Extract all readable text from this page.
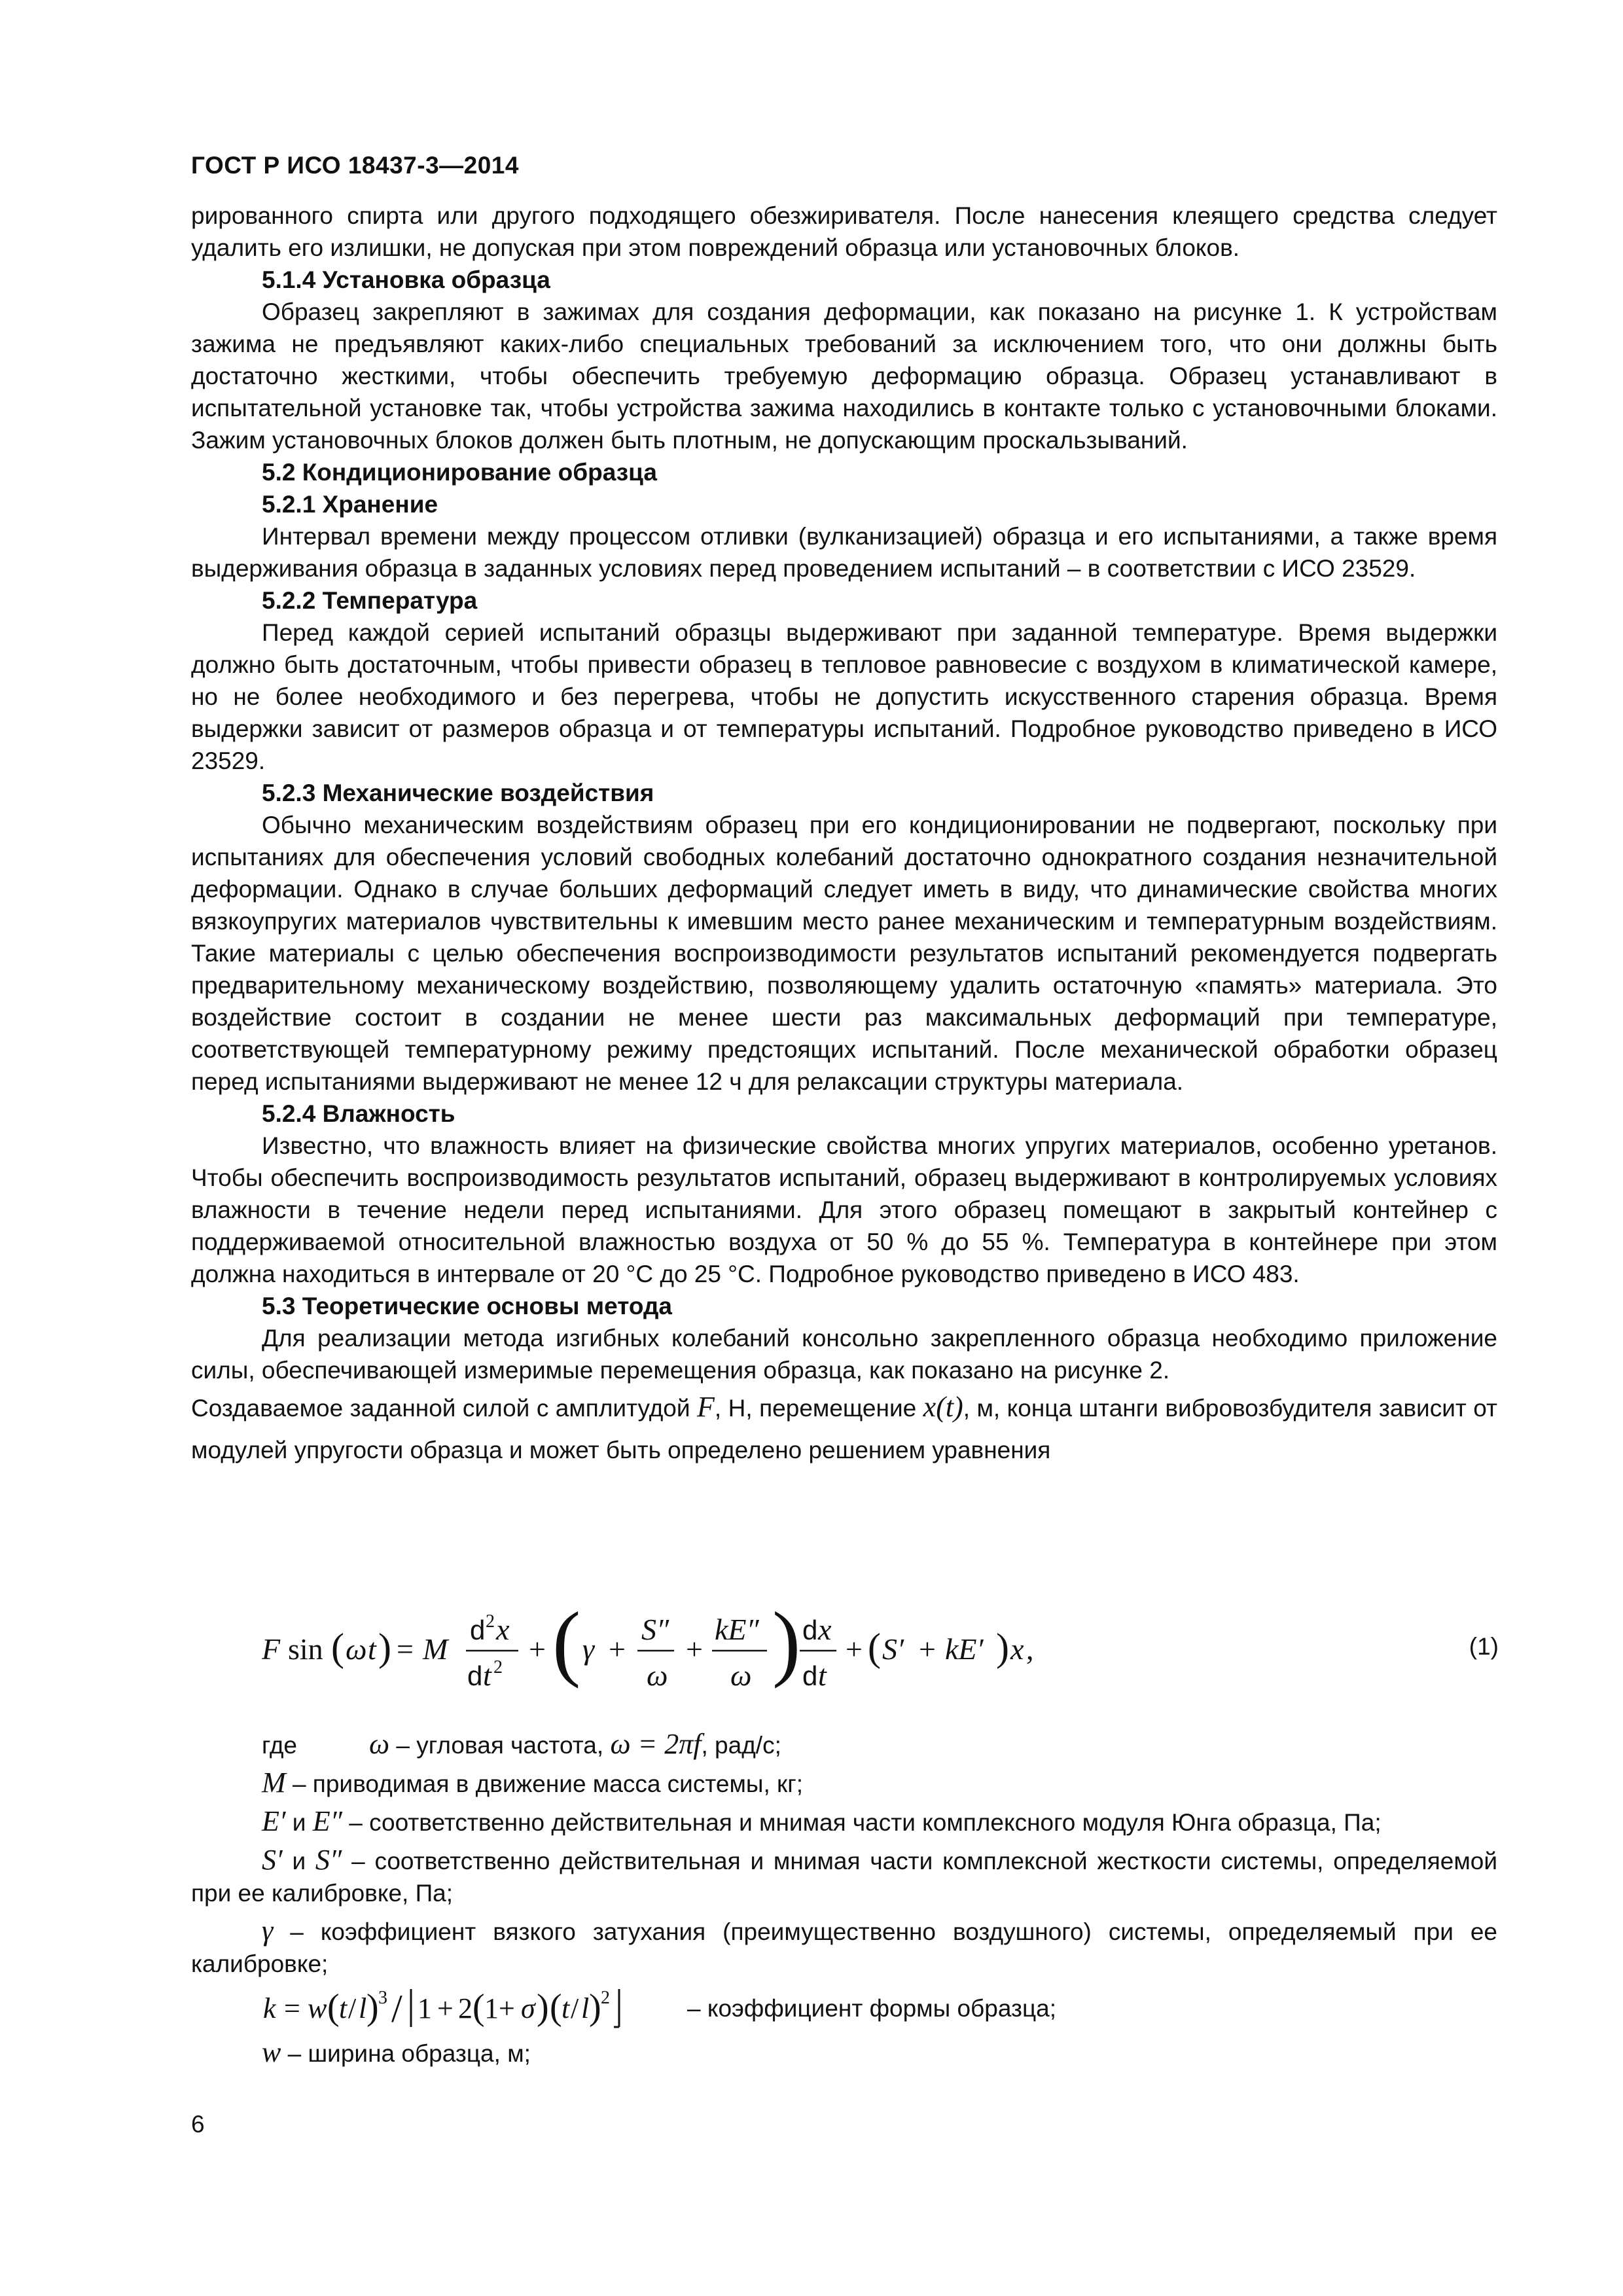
ГОСТ Р ИСО 18437-3—2014

рированного спирта или другого подходящего обезжиривателя. После нанесения клеящего средства следует удалить его излишки, не допуская при этом повреждений образца или установочных блоков.

5.1.4 Установка образца

Образец закрепляют в зажимах для создания деформации, как показано на рисунке 1. К устройствам зажима не предъявляют каких-либо специальных требований за исключением того, что они должны быть достаточно жесткими, чтобы обеспечить требуемую деформацию образца. Образец устанавливают в испытательной установке так, чтобы устройства зажима находились в контакте только с установочными блоками. Зажим установочных блоков должен быть плотным, не допускающим проскальзываний.

5.2 Кондиционирование образца
5.2.1 Хранение

Интервал времени между процессом отливки (вулканизацией) образца и его испытаниями, а также время выдерживания образца в заданных условиях перед проведением испытаний – в соответствии с ИСО 23529.

5.2.2 Температура

Перед каждой серией испытаний образцы выдерживают при заданной температуре. Время выдержки должно быть достаточным, чтобы привести образец в тепловое равновесие с воздухом в климатической камере, но не более необходимого и без перегрева, чтобы не допустить искусственного старения образца. Время выдержки зависит от размеров образца и от температуры испытаний. Подробное руководство приведено в ИСО 23529.

5.2.3 Механические воздействия

Обычно механическим воздействиям образец при его кондиционировании не подвергают, поскольку при испытаниях для обеспечения условий свободных колебаний достаточно однократного создания незначительной деформации. Однако в случае больших деформаций следует иметь в виду, что динамические свойства многих вязкоупругих материалов чувствительны к имевшим место ранее механическим и температурным воздействиям. Такие материалы с целью обеспечения воспроизводимости результатов испытаний рекомендуется подвергать предварительному механическому воздействию, позволяющему удалить остаточную «память» материала. Это воздействие состоит в создании не менее шести раз максимальных деформаций при температуре, соответствующей температурному режиму предстоящих испытаний. После механической обработки образец перед испытаниями выдерживают не менее 12 ч для релаксации структуры материала.

5.2.4 Влажность

Известно, что влажность влияет на физические свойства многих упругих материалов, особенно уретанов. Чтобы обеспечить воспроизводимость результатов испытаний, образец выдерживают в контролируемых условиях влажности в течение недели перед испытаниями. Для этого образец помещают в закрытый контейнер с поддерживаемой относительной влажностью воздуха от 50 % до 55 %. Температура в контейнере при этом должна находиться в интервале от 20 °С до 25 °С. Подробное руководство приведено в ИСО 483.

5.3 Теоретические основы метода

Для реализации метода изгибных колебаний консольно закрепленного образца необходимо приложение силы, обеспечивающей измеримые перемещения образца, как показано на рисунке 2.

Создаваемое заданной силой с амплитудой F, Н, перемещение x(t), м, конца штанги вибровозбудителя зависит от модулей упругости образца и может быть определено решением уравнения

F sin ( ω t ) = M
d 2 x
d t 2
+ ( γ +
S″
ω
+
kE″
ω ) d x
d t
+ ( S′ + kE′ ) x ,	(1)

где	ω – угловая частота, ω = 2πf, рад/с;

M – приводимая в движение масса системы, кг;

E′ и E″ – соответственно действительная и мнимая части комплексного модуля Юнга образца, Па;

S′ и S″ – соответственно действительная и мнимая части комплексной жесткости системы, определяемой при ее калибровке, Па;

γ – коэффициент вязкого затухания (преимущественно воздушного) системы, определяемый при ее калибровке;

k = w ( t / l ) 3 / 1 + 2 ( 1 + σ ) ( t / l ) 2	– коэффициент формы образца;

w – ширина образца, м;

6
